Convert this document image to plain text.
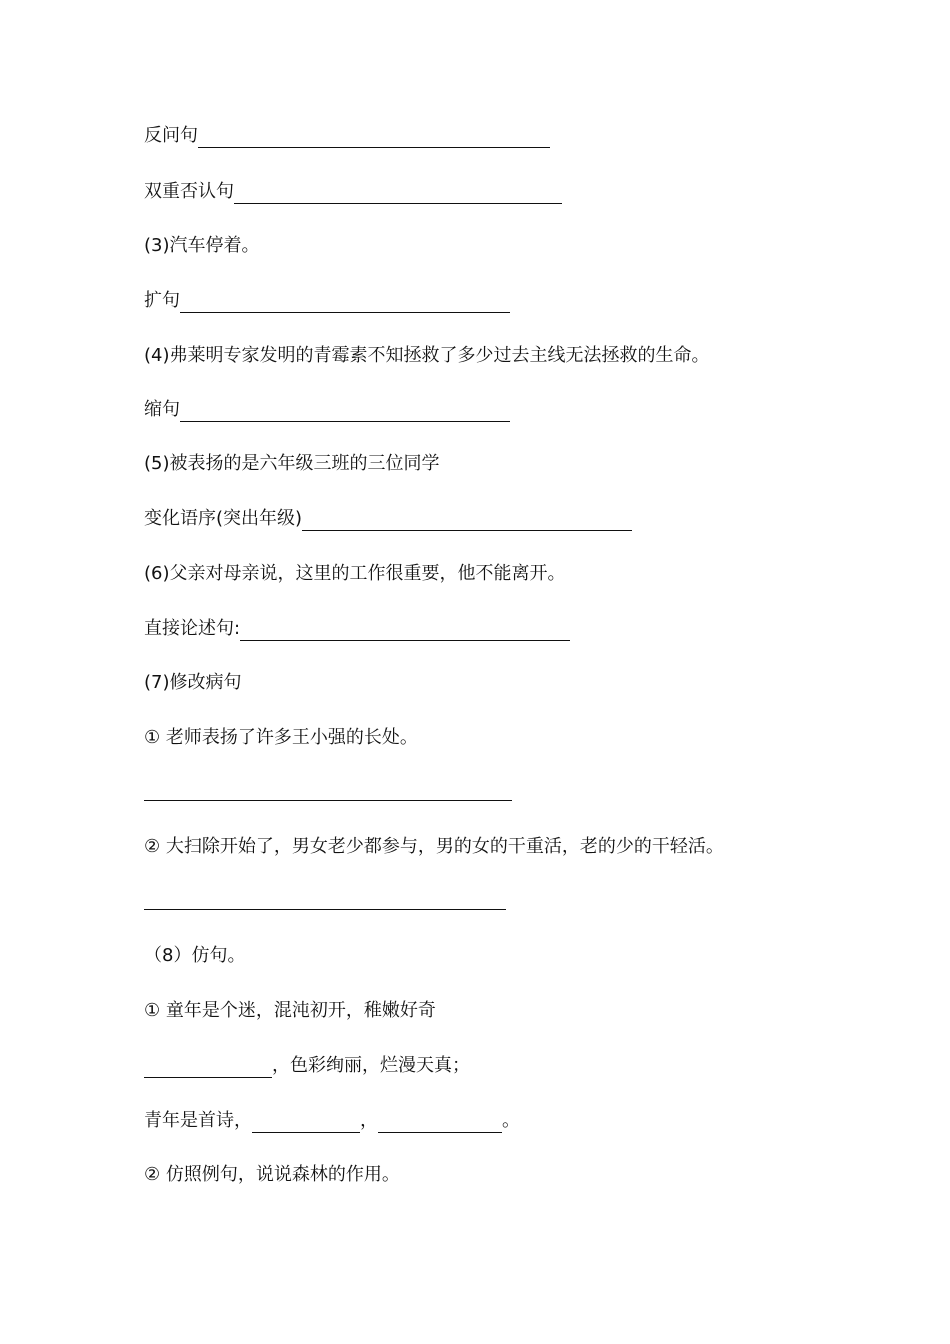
反问句
双重否认句
(3)汽车停着。
扩句
(4)弗莱明专家发明的青霉素不知拯救了多少过去主线无法拯救的生命。
缩句
(5)被表扬的是六年级三班的三位同学
变化语序(突出年级)
(6)父亲对母亲说，这里的工作很重要，他不能离开。
直接论述句:
(7)修改病句
① 老师表扬了许多王小强的长处。
② 大扫除开始了，男女老少都参与，男的女的干重活，老的少的干轻活。
（8）仿句。
① 童年是个迷，混沌初开，稚嫩好奇
， 色彩绚丽，烂漫天真；
青年是首诗，	，	。
② 仿照例句，说说森林的作用。
